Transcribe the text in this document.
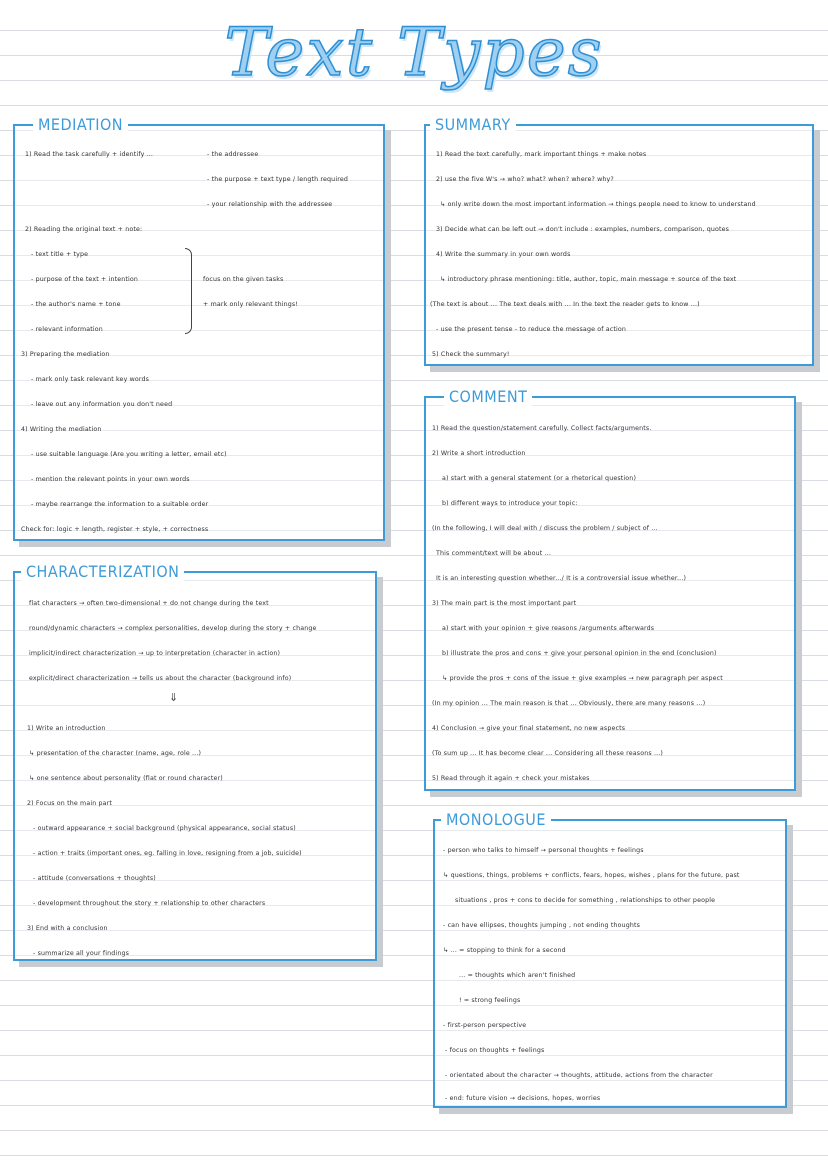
Text Types
MEDIATION
1) Read the task carefully + identify ...	- the addressee
- the purpose + text type / length required
- your relationship with the addressee
2) Reading the original text + note:
- text title + type
- purpose of the text + intention
- the author's name + tone
- relevant information
focus on the given tasks
+ mark only relevant things!
3) Preparing the mediation
- mark only task relevant key words
- leave out any information you don't need
4) Writing the mediation
- use suitable language (Are you writing a letter, email etc)
- mention the relevant points in your own words
- maybe rearrange the information to a suitable order
Check for: logic + length, register + style, + correctness
SUMMARY
1) Read the text carefully, mark important things + make notes
2) use the five W's → who? what? when? where? why?
↳ only write down the most important information → things people need to know to understand
3) Decide what can be left out → don't include : examples, numbers, comparison, quotes
4) Write the summary in your own words
↳ introductory phrase mentioning: title, author, topic, main message + source of the text
(The text is about ... The text deals with ... In the text the reader gets to know ...)
- use the present tense - to reduce the message of action
5) Check the summary!
COMMENT
1) Read the question/statement carefully. Collect facts/arguments.
2) Write a short introduction
a) start with a general statement (or a rhetorical question)
b) different ways to introduce your topic:
(In the following, I will deal with / discuss the problem / subject of ...
This comment/text will be about ...
It is an interesting question whether.../ It is a controversial issue whether...)
3) The main part is the most important part
a) start with your opinion + give reasons /arguments afterwards
b) illustrate the pros and cons + give your personal opinion in the end (conclusion)
↳ provide the pros + cons of the issue + give examples → new paragraph per aspect
(In my opinion ... The main reason is that ... Obviously, there are many reasons ...)
4) Conclusion → give your final statement, no new aspects
(To sum up ... It has become clear ... Considering all these reasons ...)
5) Read through it again + check your mistakes
CHARACTERIZATION
flat characters → often two-dimensional + do not change during the text
round/dynamic characters → complex personalities, develop during the story + change
implicit/indirect characterization → up to interpretation (character in action)
explicit/direct characterization → tells us about the character (background info)
⇓
1) Write an introduction
↳ presentation of the character (name, age, role ...)
↳ one sentence about personality (flat or round character)
2) Focus on the main part
- outward appearance + social background (physical appearance, social status)
- action + traits (important ones, eg. falling in love, resigning from a job, suicide)
- attitude (conversations + thoughts)
- development throughout the story + relationship to other characters
3) End with a conclusion
- summarize all your findings
MONOLOGUE
- person who talks to himself → personal thoughts + feelings
↳ questions, things, problems + conflicts, fears, hopes, wishes , plans for the future, past
situations , pros + cons to decide for something , relationships to other people
- can have ellipses, thoughts jumping , not ending thoughts
↳ ... = stopping to think for a second
... = thoughts which aren't finished
! = strong feelings
- first-person perspective
- focus on thoughts + feelings
- orientated about the character → thoughts, attitude, actions from the character
- end: future vision → decisions, hopes, worries
